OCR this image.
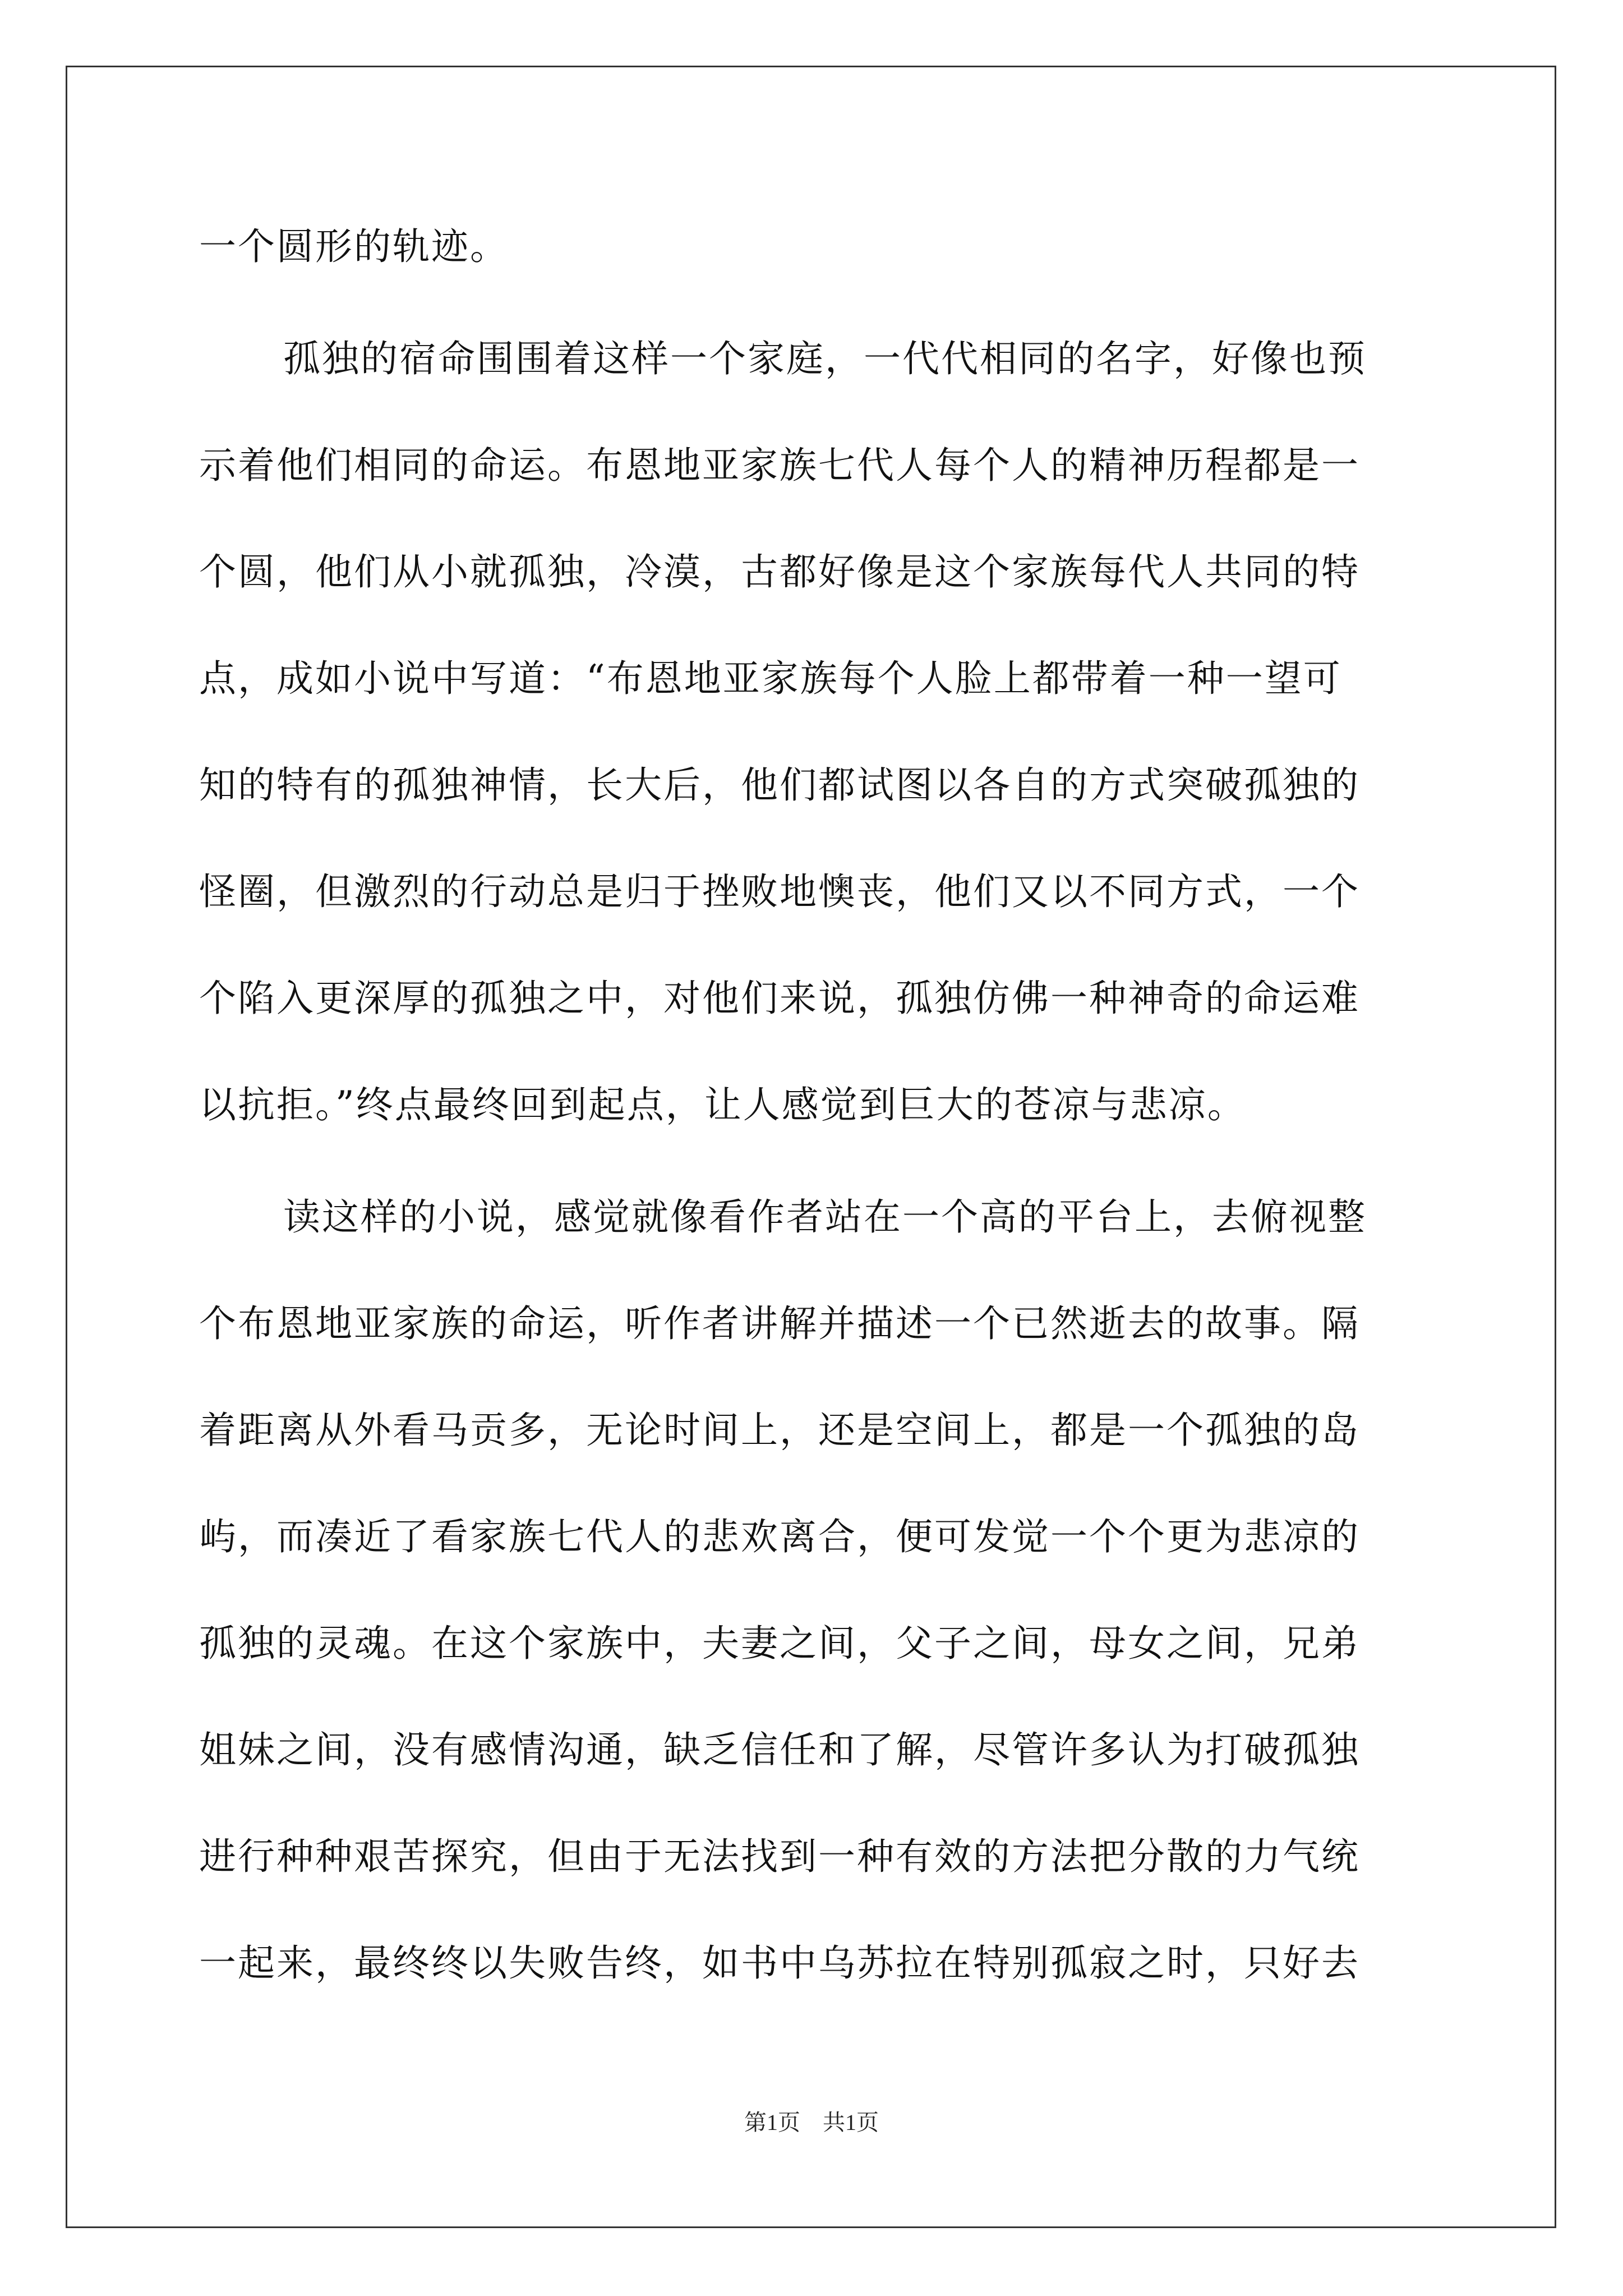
一个圆形的轨迹。
孤独的宿命围围着这样一个家庭，一代代相同的名字，好像也预
示着他们相同的命运。布恩地亚家族七代人每个人的精神历程都是一
个圆，他们从小就孤独，冷漠，古都好像是这个家族每代人共同的特
点，成如小说中写道：“布恩地亚家族每个人脸上都带着一种一望可
知的特有的孤独神情，长大后，他们都试图以各自的方式突破孤独的
怪圈，但激烈的行动总是归于挫败地懊丧，他们又以不同方式，一个
个陷入更深厚的孤独之中，对他们来说，孤独仿佛一种神奇的命运难
以抗拒。”终点最终回到起点，让人感觉到巨大的苍凉与悲凉。
读这样的小说，感觉就像看作者站在一个高的平台上，去俯视整
个布恩地亚家族的命运，听作者讲解并描述一个已然逝去的故事。隔
着距离从外看马贡多，无论时间上，还是空间上，都是一个孤独的岛
屿，而凑近了看家族七代人的悲欢离合，便可发觉一个个更为悲凉的
孤独的灵魂。在这个家族中，夫妻之间，父子之间，母女之间，兄弟
姐妹之间，没有感情沟通，缺乏信任和了解，尽管许多认为打破孤独
进行种种艰苦探究，但由于无法找到一种有效的方法把分散的力气统
一起来，最终终以失败告终，如书中乌苏拉在特别孤寂之时，只好去
第1页　共1页
